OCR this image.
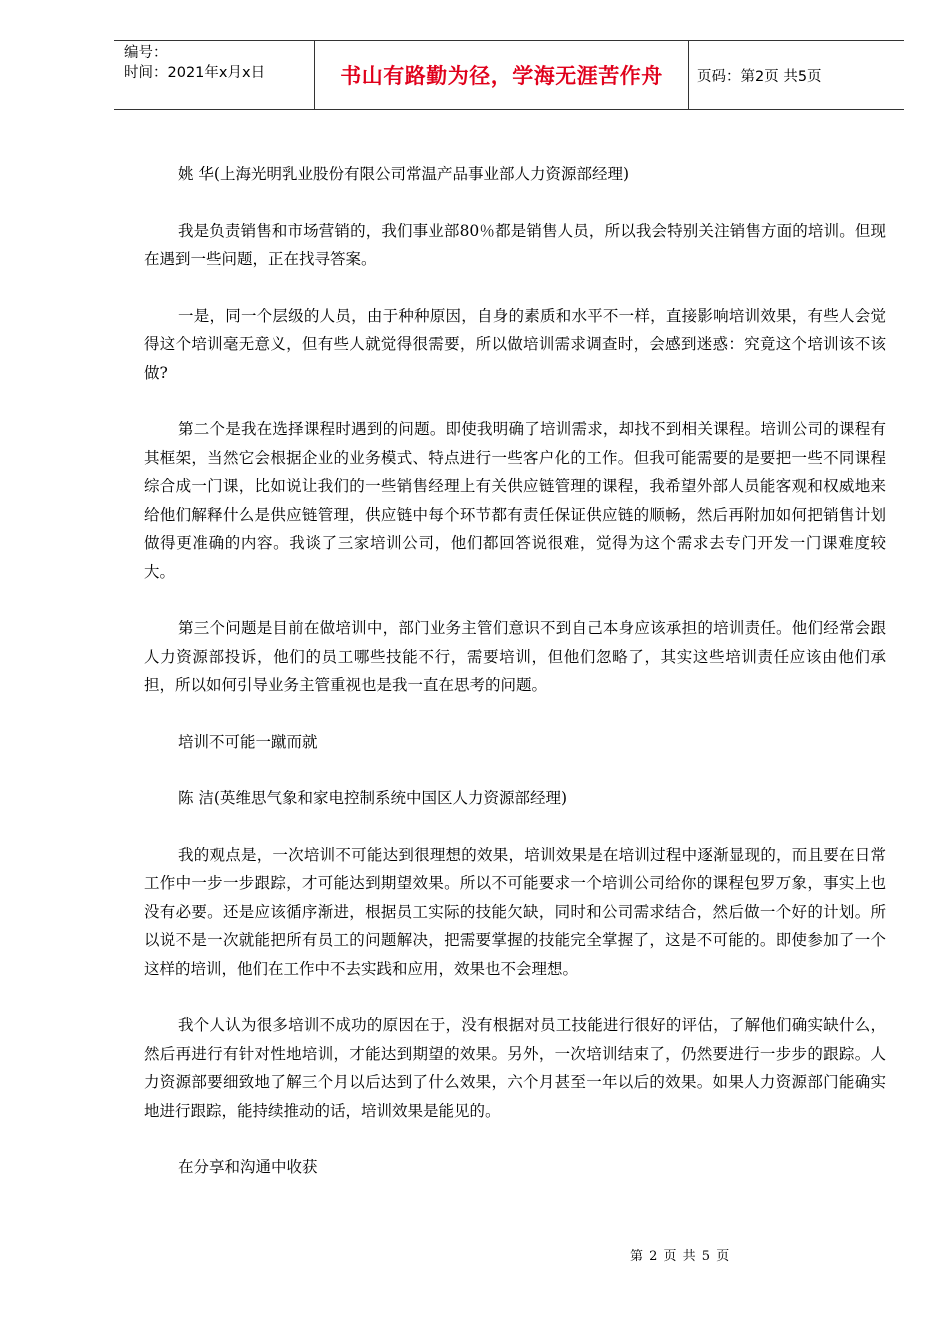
编号：
时间：2021年x月x日	书山有路勤为径，学海无涯苦作舟 页码：第2页 共5页

姚 华(上海光明乳业股份有限公司常温产品事业部人力资源部经理)

我是负责销售和市场营销的，我们事业部80％都是销售人员，所以我会特别关注销售方面的培训。但现在遇到一些问题，正在找寻答案。

一是，同一个层级的人员，由于种种原因，自身的素质和水平不一样，直接影响培训效果，有些人会觉得这个培训毫无意义，但有些人就觉得很需要，所以做培训需求调查时，会感到迷惑：究竟这个培训该不该做?

第二个是我在选择课程时遇到的问题。即使我明确了培训需求，却找不到相关课程。培训公司的课程有其框架，当然它会根据企业的业务模式、特点进行一些客户化的工作。但我可能需要的是要把一些不同课程综合成一门课，比如说让我们的一些销售经理上有关供应链管理的课程，我希望外部人员能客观和权威地来给他们解释什么是供应链管理，供应链中每个环节都有责任保证供应链的顺畅，然后再附加如何把销售计划做得更准确的内容。我谈了三家培训公司，他们都回答说很难，觉得为这个需求去专门开发一门课难度较大。

第三个问题是目前在做培训中，部门业务主管们意识不到自己本身应该承担的培训责任。他们经常会跟人力资源部投诉，他们的员工哪些技能不行，需要培训，但他们忽略了，其实这些培训责任应该由他们承担，所以如何引导业务主管重视也是我一直在思考的问题。

培训不可能一蹴而就

陈 洁(英维思气象和家电控制系统中国区人力资源部经理)

我的观点是，一次培训不可能达到很理想的效果，培训效果是在培训过程中逐渐显现的，而且要在日常工作中一步一步跟踪，才可能达到期望效果。所以不可能要求一个培训公司给你的课程包罗万象，事实上也没有必要。还是应该循序渐进，根据员工实际的技能欠缺，同时和公司需求结合，然后做一个好的计划。所以说不是一次就能把所有员工的问题解决，把需要掌握的技能完全掌握了，这是不可能的。即使参加了一个这样的培训，他们在工作中不去实践和应用，效果也不会理想。

我个人认为很多培训不成功的原因在于，没有根据对员工技能进行很好的评估，了解他们确实缺什么，然后再进行有针对性地培训，才能达到期望的效果。另外，一次培训结束了，仍然要进行一步步的跟踪。人力资源部要细致地了解三个月以后达到了什么效果，六个月甚至一年以后的效果。如果人力资源部门能确实地进行跟踪，能持续推动的话，培训效果是能见的。

在分享和沟通中收获

第 2 页 共 5 页
